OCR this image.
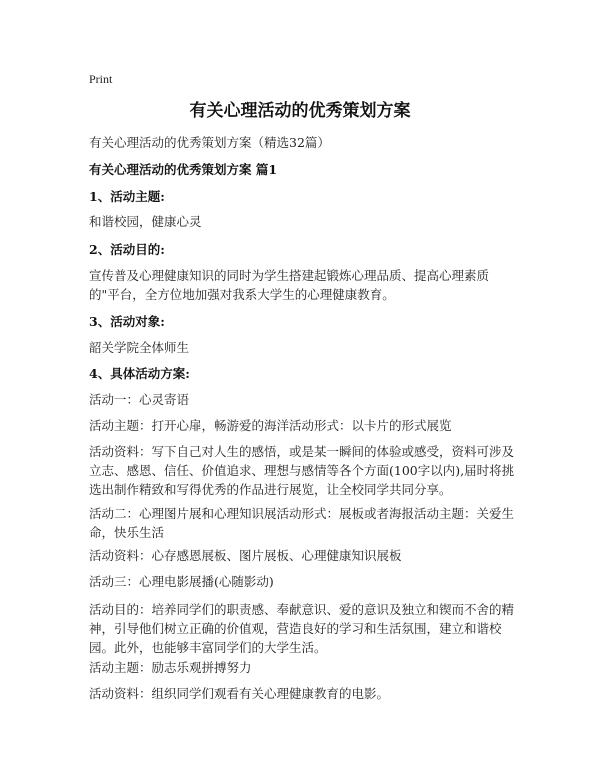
Print
有关心理活动的优秀策划方案
有关心理活动的优秀策划方案（精选32篇）
有关心理活动的优秀策划方案 篇1
1、活动主题:
和谐校园，健康心灵
2、活动目的:
宣传普及心理健康知识的同时为学生搭建起锻炼心理品质、提高心理素质的"平台，全方位地加强对我系大学生的心理健康教育。
3、活动对象:
韶关学院全体师生
4、具体活动方案:
活动一：心灵寄语
活动主题：打开心扉，畅游爱的海洋活动形式：以卡片的形式展览
活动资料：写下自己对人生的感悟，或是某一瞬间的体验或感受，资料可涉及立志、感恩、信任、价值追求、理想与感情等各个方面(100字以内),届时将挑选出制作精致和写得优秀的作品进行展览，让全校同学共同分享。
活动二：心理图片展和心理知识展活动形式：展板或者海报活动主题：关爱生命，快乐生活
活动资料：心存感恩展板、图片展板、心理健康知识展板
活动三：心理电影展播(心随影动)
活动目的：培养同学们的职责感、奉献意识、爱的意识及独立和锲而不舍的精神，引导他们树立正确的价值观，营造良好的学习和生活氛围，建立和谐校园。此外，也能够丰富同学们的大学生活。
活动主题：励志乐观拼搏努力
活动资料：组织同学们观看有关心理健康教育的电影。
